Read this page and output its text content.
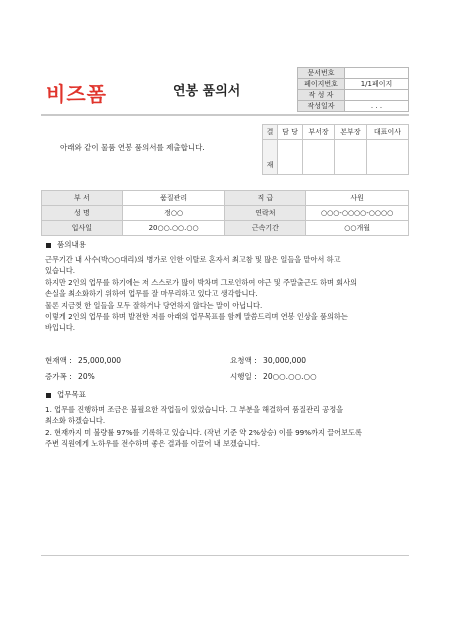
비즈폼	연봉 품의서
문서번호	
페이지번호	1/1페이지
작 성 자	
작성일자	. . .
아래와 같이 물품 연봉 품의서를 제출합니다.
결	담 당	부서장	본부장	대표이사
재				
부 서	품질관리	직 급	사원
성 명	정○○	연락처	○○○-○○○○-○○○○
입사일	20○○.○○.○○	근속기간	○○개월
품의내용
근무기간 내 사수(박○○대리)의 병가로 인한 이탈로 혼자서 최고참 및 많은 일들을 맡아서 하고
있습니다.
하지만 2인의 업무를 하기에는 저 스스로가 많이 박차며 그로인하여 야근 및 주말출근도 하며 회사의
손실을 최소화하기 위하여 업무를 잘 마무리하고 있다고 생각합니다.
물론 지금껏 한 일들을 모두 잘하거나 당연하지 않다는 말이 아닙니다.
이렇게 2인의 업무를 하며 발전한 저를 아래의 업무목표를 함께 말씀드리며 연봉 인상을 품의하는
바입니다.
현재액 : 25,000,000	요청액 : 30,000,000
증가폭 : 20%	시행일 : 20○○.○○.○○
업무목표
1. 업무를 진행하며 조금은 불필요한 작업들이 있었습니다. 그 부분을 해결하여 품질관리 공정을
최소화 하겠습니다.
2. 현재까지 미 불량률 97%를 기록하고 있습니다. (작년 기준 약 2%상승) 이를 99%까지 끌어보도록
주변 직원에게 노하우를 전수하며 좋은 결과를 이끌어 내 보겠습니다.
